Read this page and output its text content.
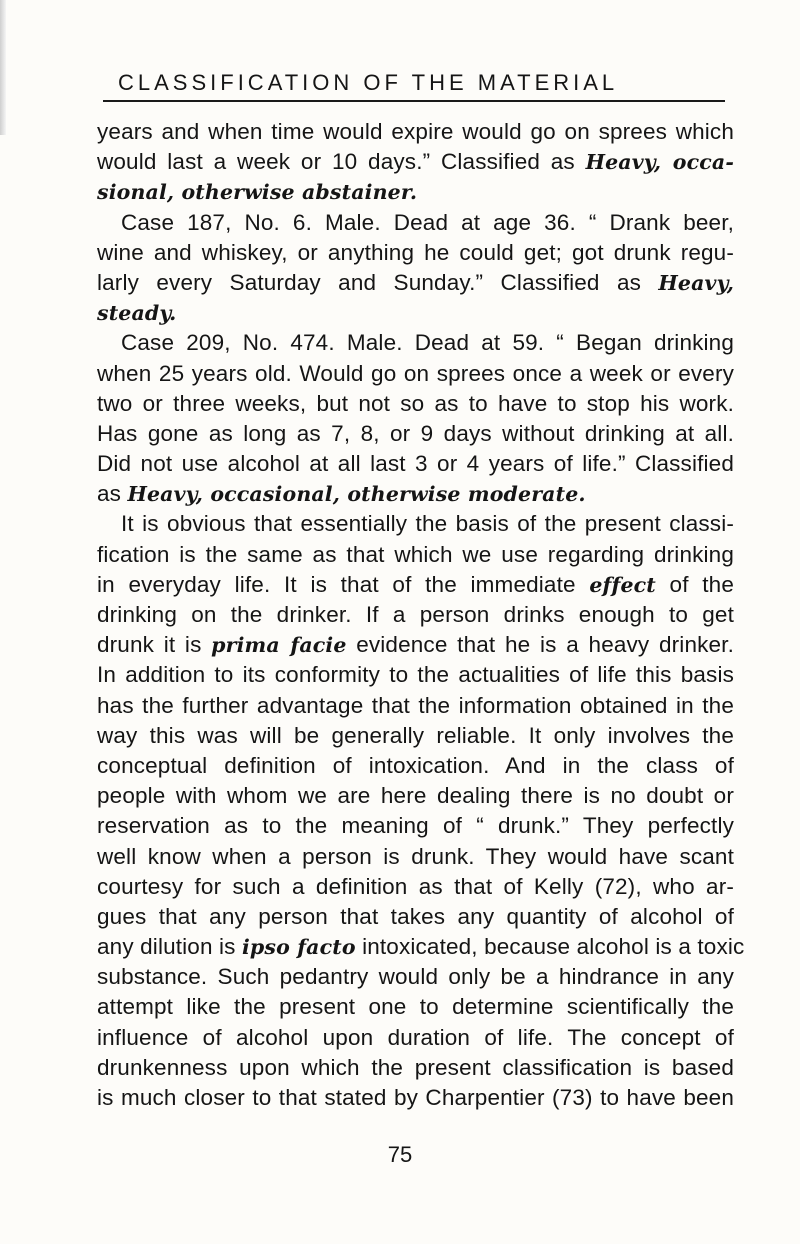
CLASSIFICATION OF THE MATERIAL
years and when time would expire would go on sprees which
would last a week or 10 days.” Classified as Heavy, occa-
sional, otherwise abstainer.
Case 187, No. 6. Male. Dead at age 36. “ Drank beer,
wine and whiskey, or anything he could get; got drunk regu-
larly every Saturday and Sunday.” Classified as Heavy,
steady.
Case 209, No. 474. Male. Dead at 59. “ Began drinking
when 25 years old. Would go on sprees once a week or every
two or three weeks, but not so as to have to stop his work.
Has gone as long as 7, 8, or 9 days without drinking at all.
Did not use alcohol at all last 3 or 4 years of life.” Classified
as Heavy, occasional, otherwise moderate.
It is obvious that essentially the basis of the present classi-
fication is the same as that which we use regarding drinking
in everyday life. It is that of the immediate effect of the
drinking on the drinker. If a person drinks enough to get
drunk it is prima facie evidence that he is a heavy drinker.
In addition to its conformity to the actualities of life this basis
has the further advantage that the information obtained in the
way this was will be generally reliable. It only involves the
conceptual definition of intoxication. And in the class of
people with whom we are here dealing there is no doubt or
reservation as to the meaning of “ drunk.” They perfectly
well know when a person is drunk. They would have scant
courtesy for such a definition as that of Kelly (72), who ar-
gues that any person that takes any quantity of alcohol of
any dilution is ipso facto intoxicated, because alcohol is a toxic
substance. Such pedantry would only be a hindrance in any
attempt like the present one to determine scientifically the
influence of alcohol upon duration of life. The concept of
drunkenness upon which the present classification is based
is much closer to that stated by Charpentier (73) to have been
75
